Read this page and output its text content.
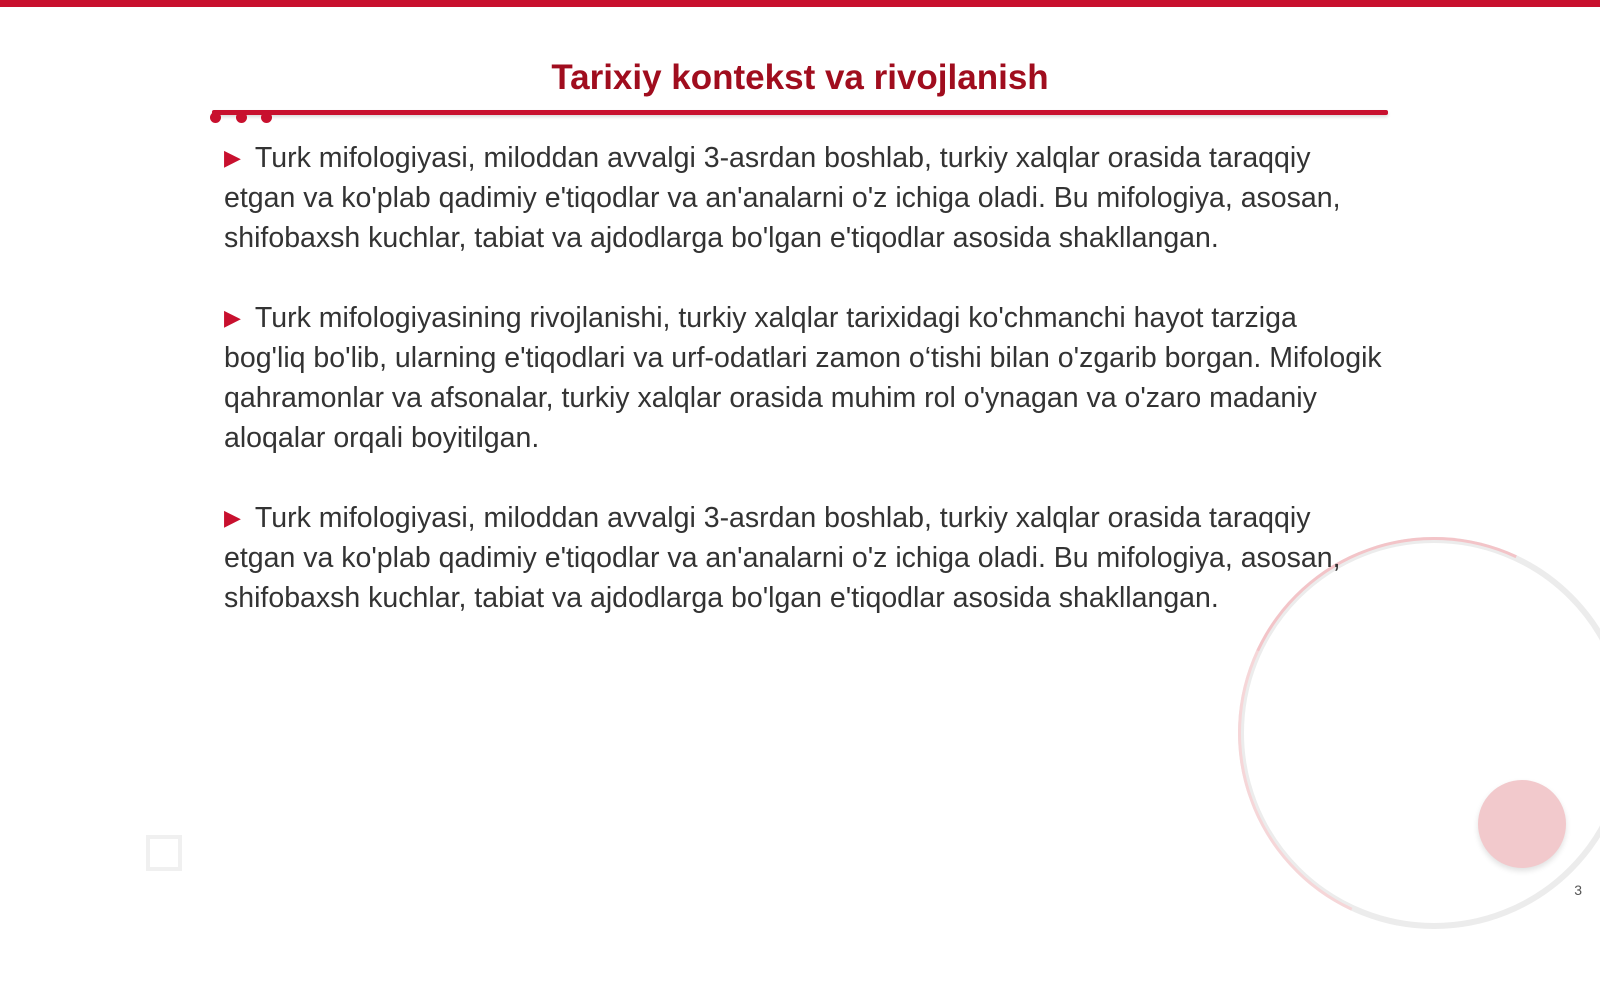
Tarixiy kontekst va rivojlanish

▶ Turk mifologiyasi, miloddan avvalgi 3-asrdan boshlab, turkiy xalqlar orasida taraqqiy etgan va ko'plab qadimiy e'tiqodlar va an'analarni o'z ichiga oladi. Bu mifologiya, asosan, shifobaxsh kuchlar, tabiat va ajdodlarga bo'lgan e'tiqodlar asosida shakllangan.

▶ Turk mifologiyasining rivojlanishi, turkiy xalqlar tarixidagi ko'chmanchi hayot tarziga bog'liq bo'lib, ularning e'tiqodlari va urf-odatlari zamon o‘tishi bilan o'zgarib borgan. Mifologik qahramonlar va afsonalar, turkiy xalqlar orasida muhim rol o'ynagan va o'zaro madaniy aloqalar orqali boyitilgan.

▶ Turk mifologiyasi, miloddan avvalgi 3-asrdan boshlab, turkiy xalqlar orasida taraqqiy etgan va ko'plab qadimiy e'tiqodlar va an'analarni o'z ichiga oladi. Bu mifologiya, asosan, shifobaxsh kuchlar, tabiat va ajdodlarga bo'lgan e'tiqodlar asosida shakllangan.

3
